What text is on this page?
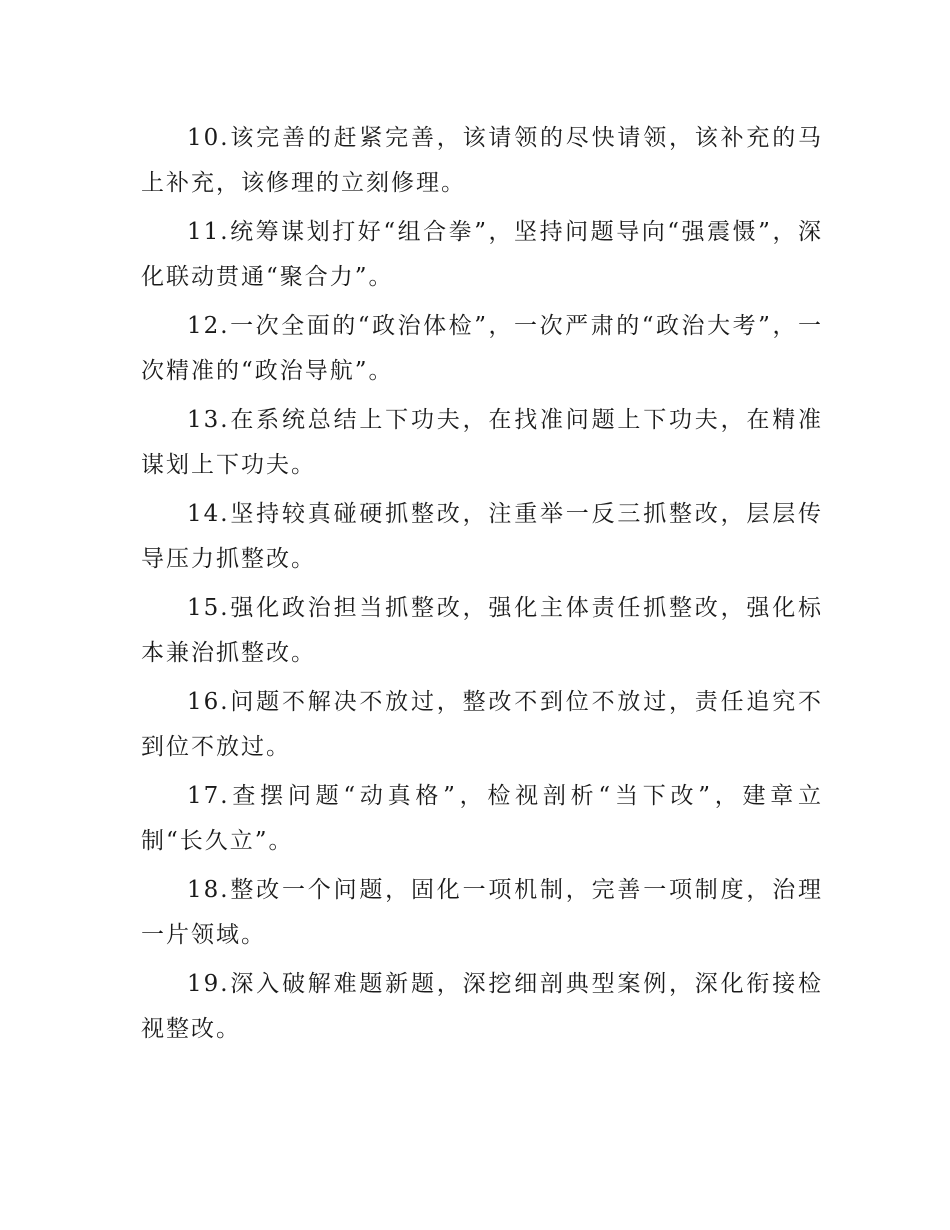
10.该完善的赶紧完善，该请领的尽快请领，该补充的马上补充，该修理的立刻修理。

11.统筹谋划打好“组合拳”，坚持问题导向“强震慑”，深化联动贯通“聚合力”。

12.一次全面的“政治体检”，一次严肃的“政治大考”，一次精准的“政治导航”。

13.在系统总结上下功夫，在找准问题上下功夫，在精准谋划上下功夫。

14.坚持较真碰硬抓整改，注重举一反三抓整改，层层传导压力抓整改。

15.强化政治担当抓整改，强化主体责任抓整改，强化标本兼治抓整改。

16.问题不解决不放过，整改不到位不放过，责任追究不到位不放过。

17.查摆问题“动真格”，检视剖析“当下改”，建章立制“长久立”。

18.整改一个问题，固化一项机制，完善一项制度，治理一片领域。

19.深入破解难题新题，深挖细剖典型案例，深化衔接检视整改。
